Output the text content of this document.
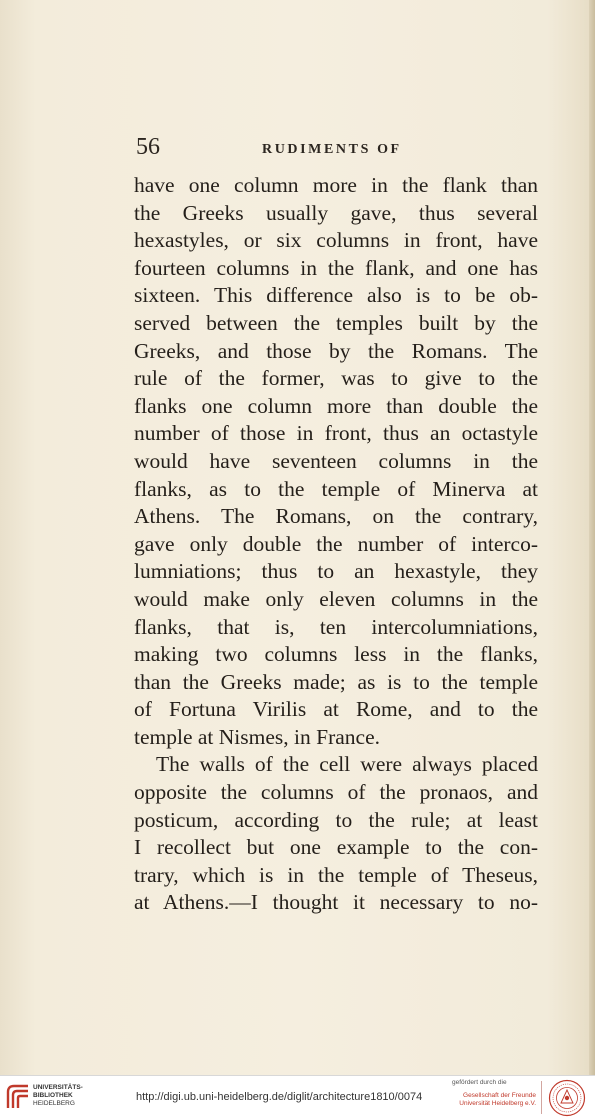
56	RUDIMENTS OF
have one column more in the flank than
the Greeks usually gave, thus several
hexastyles, or six columns in front, have
fourteen columns in the flank, and one has
sixteen. This difference also is to be ob-
served between the temples built by the
Greeks, and those by the Romans. The
rule of the former, was to give to the
flanks one column more than double the
number of those in front, thus an octastyle
would have seventeen columns in the
flanks, as to the temple of Minerva at
Athens. The Romans, on the contrary,
gave only double the number of interco-
lumniations; thus to an hexastyle, they
would make only eleven columns in the
flanks, that is, ten intercolumniations,
making two columns less in the flanks,
than the Greeks made; as is to the temple
of Fortuna Virilis at Rome, and to the
temple at Nismes, in France.
The walls of the cell were always placed
opposite the columns of the pronaos, and
posticum, according to the rule; at least
I recollect but one example to the con-
trary, which is in the temple of Theseus,
at Athens.—I thought it necessary to no-
UNIVERSITÄTS-
BIBLIOTHEK
HEIDELBERG
http://digi.ub.uni-heidelberg.de/diglit/architecture1810/0074
gefördert durch die
Gesellschaft der Freunde
Universität Heidelberg e.V.
